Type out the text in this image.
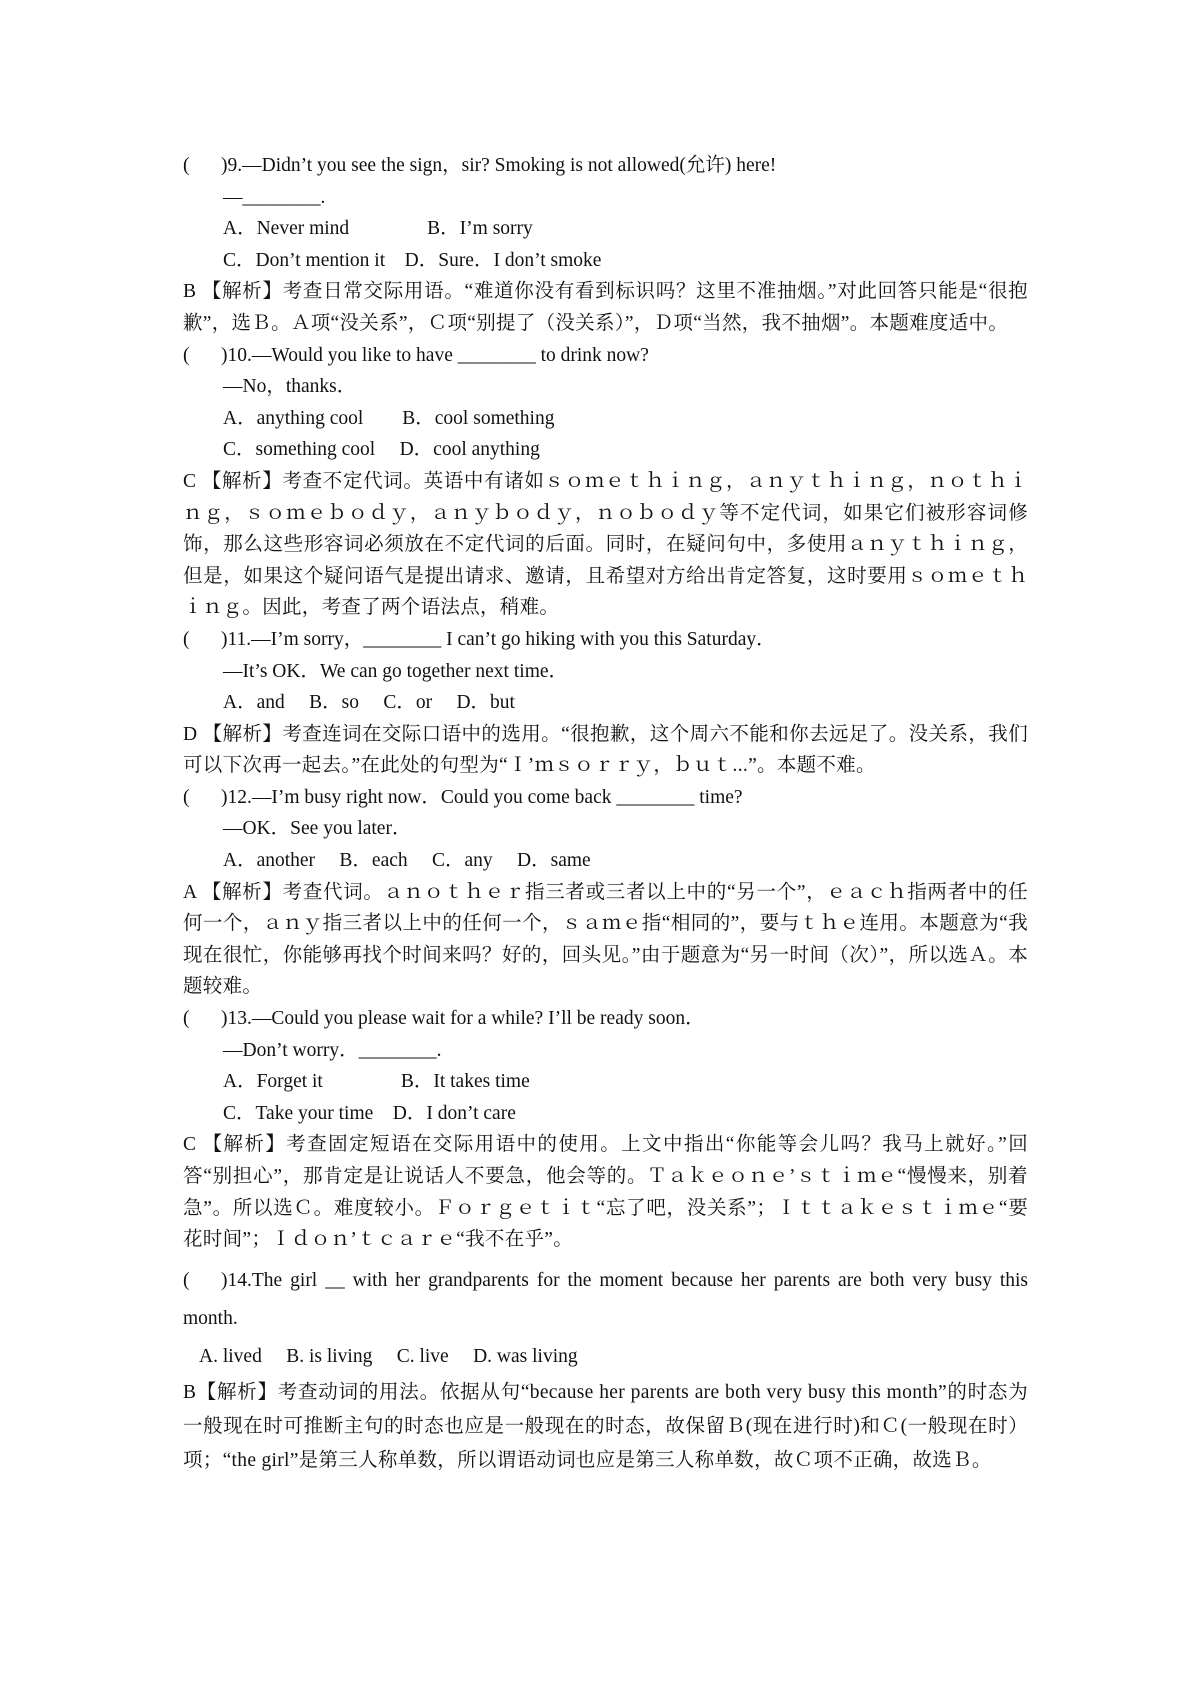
( )9.—Didn’t you see the sign，sir? Smoking is not allowed(允许) here!
—________.
A．Never mind　　　　B．I’m sorry
C．Don’t mention it　D．Sure．I don’t smoke
B 【解析】考查日常交际用语。“难道你没有看到标识吗？这里不准抽烟。”对此回答只能是“很抱歉”，选Ｂ。Ａ项“没关系”，Ｃ项“别提了（没关系）”，Ｄ项“当然，我不抽烟”。本题难度适中。
( )10.—Would you like to have ________ to drink now?
—No，thanks．
A．anything cool　　B．cool something
C．something cool　 D．cool anything
C 【解析】考查不定代词。英语中有诸如ｓｏｍｅｔｈｉｎｇ，ａｎｙｔｈｉｎｇ，ｎｏｔｈｉｎｇ，ｓｏｍｅｂｏｄｙ，ａｎｙｂｏｄｙ，ｎｏｂｏｄｙ等不定代词，如果它们被形容词修饰，那么这些形容词必须放在不定代词的后面。同时，在疑问句中，多使用ａｎｙｔｈｉｎｇ，但是，如果这个疑问语气是提出请求、邀请，且希望对方给出肯定答复，这时要用ｓｏｍｅｔｈｉｎｇ。因此，考查了两个语法点，稍难。
( )11.—I’m sorry，________ I can’t go hiking with you this Saturday．
—It’s OK．We can go together next time．
A．and　 B．so　 C．or　 D．but
D 【解析】考查连词在交际口语中的选用。“很抱歉，这个周六不能和你去远足了。没关系，我们可以下次再一起去。”在此处的句型为“Ｉ’ｍｓｏｒｒｙ，ｂｕｔ...”。本题不难。
( )12.—I’m busy right now．Could you come back ________ time?
—OK．See you later．
A．another　 B．each　 C．any　 D．same
A 【解析】考查代词。ａｎｏｔｈｅｒ指三者或三者以上中的“另一个”，ｅａｃｈ指两者中的任何一个，ａｎｙ指三者以上中的任何一个，ｓａｍｅ指“相同的”，要与ｔｈｅ连用。本题意为“我现在很忙，你能够再找个时间来吗？好的，回头见。”由于题意为“另一时间（次）”，所以选Ａ。本题较难。
( )13.—Could you please wait for a while? I’ll be ready soon．
—Don’t worry．________.
A．Forget it　　　　B．It takes time
C．Take your time　D．I don’t care
C 【解析】考查固定短语在交际用语中的使用。上文中指出“你能等会儿吗？我马上就好。”回答“别担心”，那肯定是让说话人不要急，他会等的。Ｔａｋｅｏｎｅ’ｓｔｉｍｅ“慢慢来，别着急”。所以选Ｃ。难度较小。Ｆｏｒｇｅｔｉｔ“忘了吧，没关系”；Ｉｔｔａｋｅｓｔｉｍｅ“要花时间”；Ｉｄｏｎ’ｔｃａｒｅ“我不在乎”。
( )14.The girl __ with her grandparents for the moment because her parents are both very busy this month.
A. lived　 B. is living　 C. live　 D. was living
B【解析】考查动词的用法。依据从句“because her parents are both very busy this month”的时态为一般现在时可推断主句的时态也应是一般现在的时态，故保留Ｂ(现在进行时)和Ｃ(一般现在时）项；“the girl”是第三人称单数，所以谓语动词也应是第三人称单数，故Ｃ项不正确，故选Ｂ。
